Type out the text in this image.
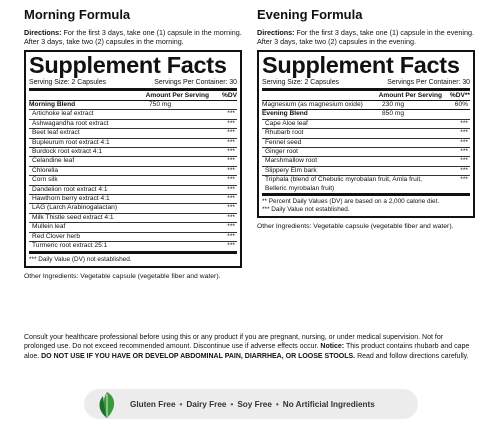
Morning Formula
Directions: For the first 3 days, take one (1) capsule in the morning. After 3 days, take two (2) capsules in the morning.
Supplement Facts
Serving Size: 2 Capsules	Servings Per Container: 30
Amount Per Serving	%DV
Morning Blend	750 mg
Artichoke leaf extract	***
Ashwagandha root extract	***
Beet leaf extract	***
Bupleurum root extract 4:1	***
Burdock root extract 4:1	***
Celandine leaf	***
Chlorella	***
Corn silk	***
Dandelion root extract 4:1	***
Hawthorn berry extract 4:1	***
LAG (Larch Arabinogalactan)	***
Milk Thistle seed extract 4:1	***
Mullein leaf	***
Red Clover herb	***
Turmeric root extract 25:1	***
*** Daily Value (DV) not established.
Other Ingredients: Vegetable capsule (vegetable fiber and water).
Evening Formula
Directions: For the first 3 days, take one (1) capsule in the evening. After 3 days, take two (2) capsules in the evening.
Supplement Facts
Serving Size: 2 Capsules	Servings Per Container: 30
Amount Per Serving	%DV**
Magnesium (as magnesium oxide)	230 mg	60%
Evening Blend	850 mg
Cape Aloe leaf	***
Rhubarb root	***
Fennel seed	***
Ginger root	***
Marshmallow root	***
Slippery Elm bark	***
Triphala (blend of Chebulic myrobalan fruit, Amla fruit, Belleric myrobalan fruit)
***
** Percent Daily Values (DV) are based on a 2,000 calorie diet.
*** Daily Value not established.
Other Ingredients: Vegetable capsule (vegetable fiber and water).
Consult your healthcare professional before using this or any product if you are pregnant, nursing, or under medical supervision. Not for prolonged use. Do not exceed recommended amount. Discontinue use if adverse effects occur. Notice: This product contains rhubarb and cape aloe. DO NOT USE IF YOU HAVE OR DEVELOP ABDOMINAL PAIN, DIARRHEA, OR LOOSE STOOLS. Read and follow directions carefully.
Gluten Free • Dairy Free • Soy Free • No Artificial Ingredients
